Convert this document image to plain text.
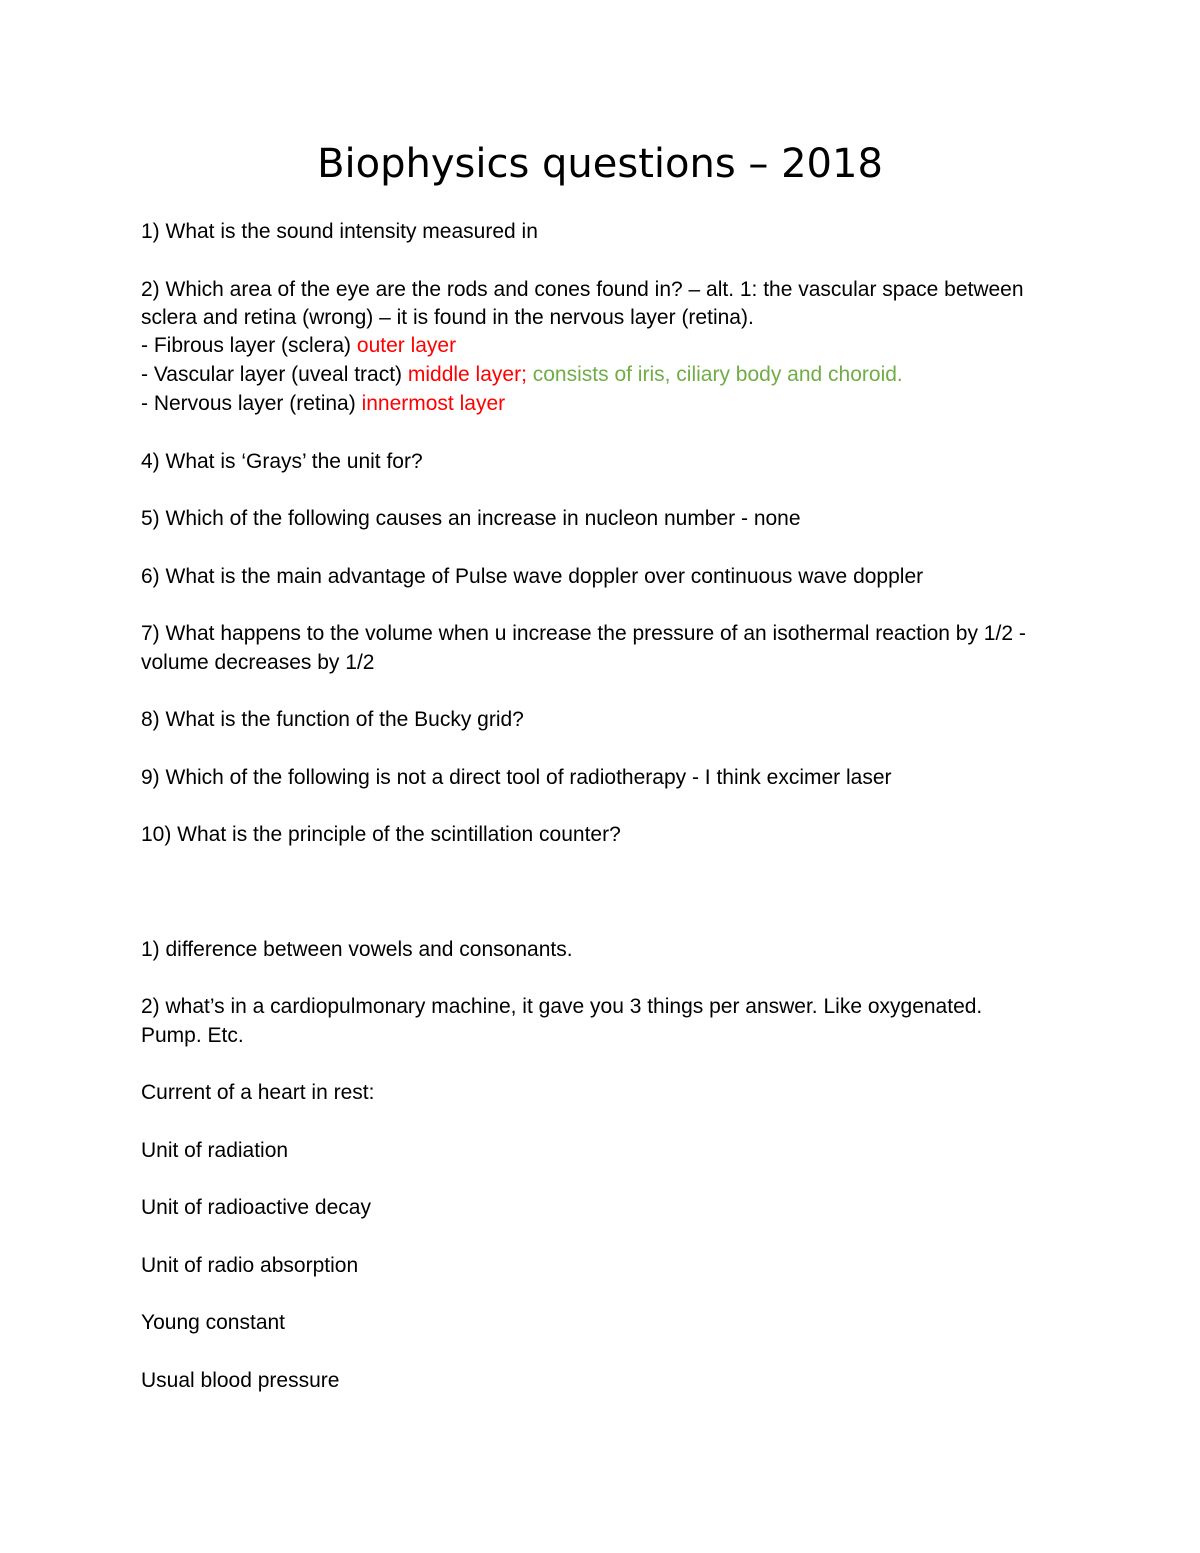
Biophysics questions – 2018
1) What is the sound intensity measured in
2) Which area of the eye are the rods and cones found in? – alt. 1: the vascular space between
sclera and retina (wrong) – it is found in the nervous layer (retina).
- Fibrous layer (sclera) outer layer
- Vascular layer (uveal tract) middle layer; consists of iris, ciliary body and choroid.
- Nervous layer (retina) innermost layer
4) What is ‘Grays’ the unit for?
5) Which of the following causes an increase in nucleon number - none
6) What is the main advantage of Pulse wave doppler over continuous wave doppler
7) What happens to the volume when u increase the pressure of an isothermal reaction by 1/2 -
volume decreases by 1/2
8) What is the function of the Bucky grid?
9) Which of the following is not a direct tool of radiotherapy - I think excimer laser
10) What is the principle of the scintillation counter?
1) difference between vowels and consonants.
2) what’s in a cardiopulmonary machine, it gave you 3 things per answer. Like oxygenated.
Pump. Etc.
Current of a heart in rest:
Unit of radiation
Unit of radioactive decay
Unit of radio absorption
Young constant
Usual blood pressure
